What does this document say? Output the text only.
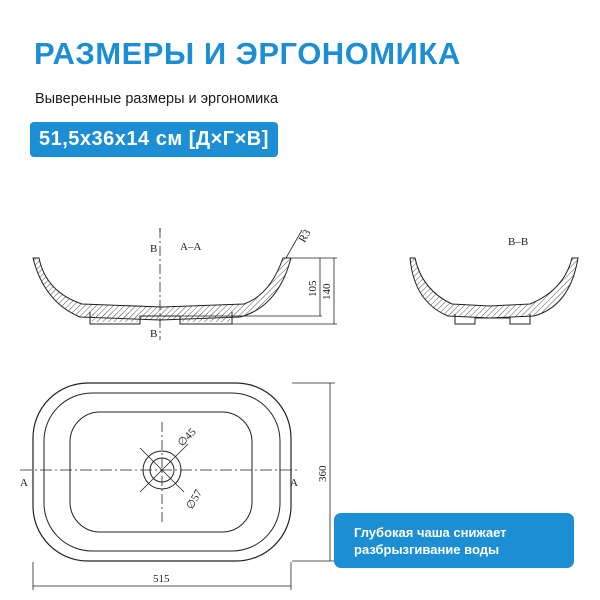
РАЗМЕРЫ И ЭРГОНОМИКА
Выверенные размеры и эргономика
51,5x36x14 см [Д×Г×В]
B
B
A–A
R3
105 140
B–B
∅45
∅57
A	A
360
515
Глубокая чаша снижает
разбрызгивание воды
